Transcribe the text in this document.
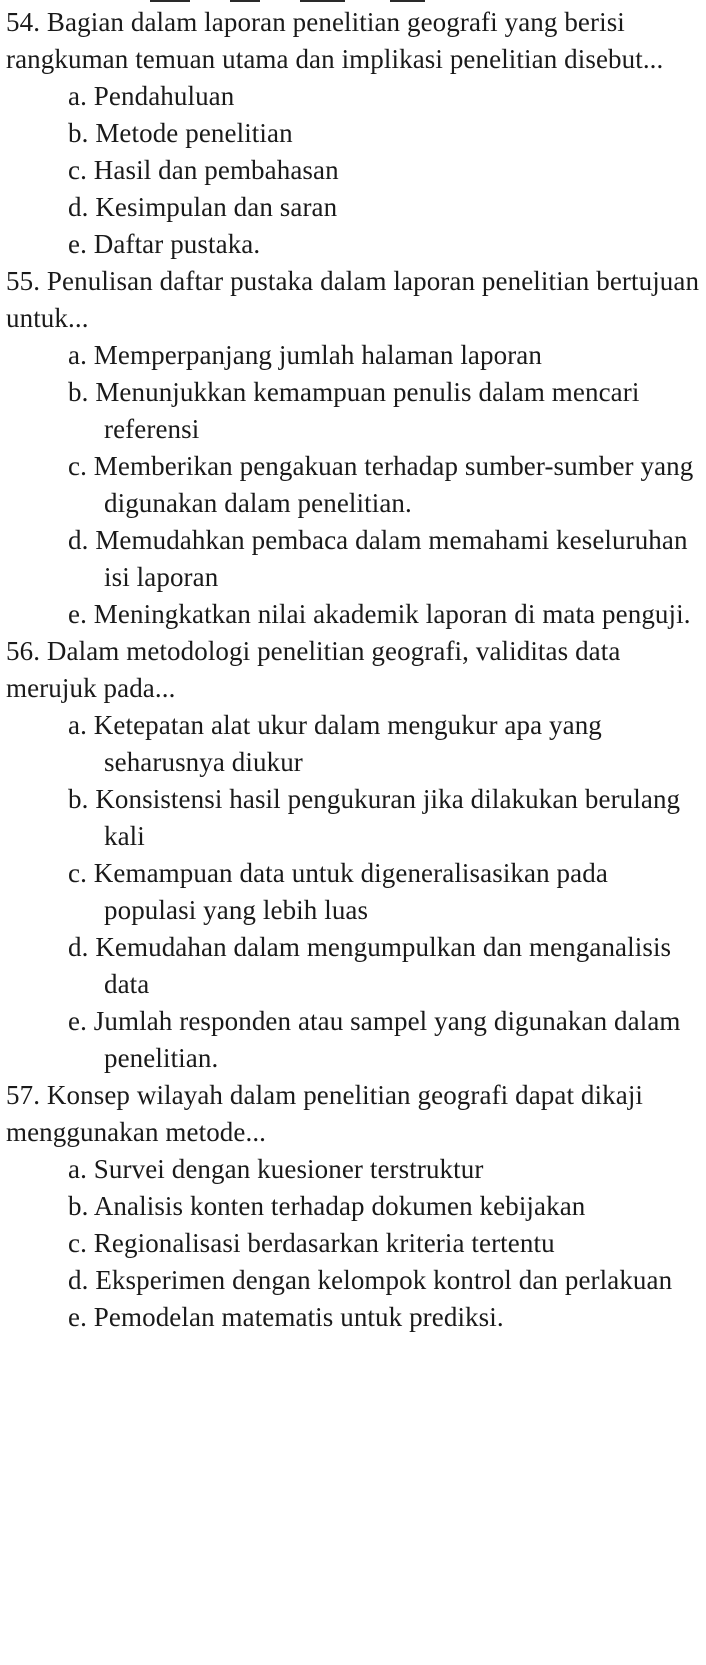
54. Bagian dalam laporan penelitian geografi yang berisi rangkuman temuan utama dan implikasi penelitian disebut...

a. Pendahuluan
b. Metode penelitian
c. Hasil dan pembahasan
d. Kesimpulan dan saran
e. Daftar pustaka.

55. Penulisan daftar pustaka dalam laporan penelitian bertujuan untuk...

a. Memperpanjang jumlah halaman laporan
b. Menunjukkan kemampuan penulis dalam mencari referensi
c. Memberikan pengakuan terhadap sumber-sumber yang digunakan dalam penelitian.
d. Memudahkan pembaca dalam memahami keseluruhan isi laporan
e. Meningkatkan nilai akademik laporan di mata penguji.

56. Dalam metodologi penelitian geografi, validitas data merujuk pada...

a. Ketepatan alat ukur dalam mengukur apa yang seharusnya diukur
b. Konsistensi hasil pengukuran jika dilakukan berulang kali
c. Kemampuan data untuk digeneralisasikan pada populasi yang lebih luas
d. Kemudahan dalam mengumpulkan dan menganalisis data
e. Jumlah responden atau sampel yang digunakan dalam penelitian.

57. Konsep wilayah dalam penelitian geografi dapat dikaji menggunakan metode...

a. Survei dengan kuesioner terstruktur
b. Analisis konten terhadap dokumen kebijakan
c. Regionalisasi berdasarkan kriteria tertentu
d. Eksperimen dengan kelompok kontrol dan perlakuan
e. Pemodelan matematis untuk prediksi.
